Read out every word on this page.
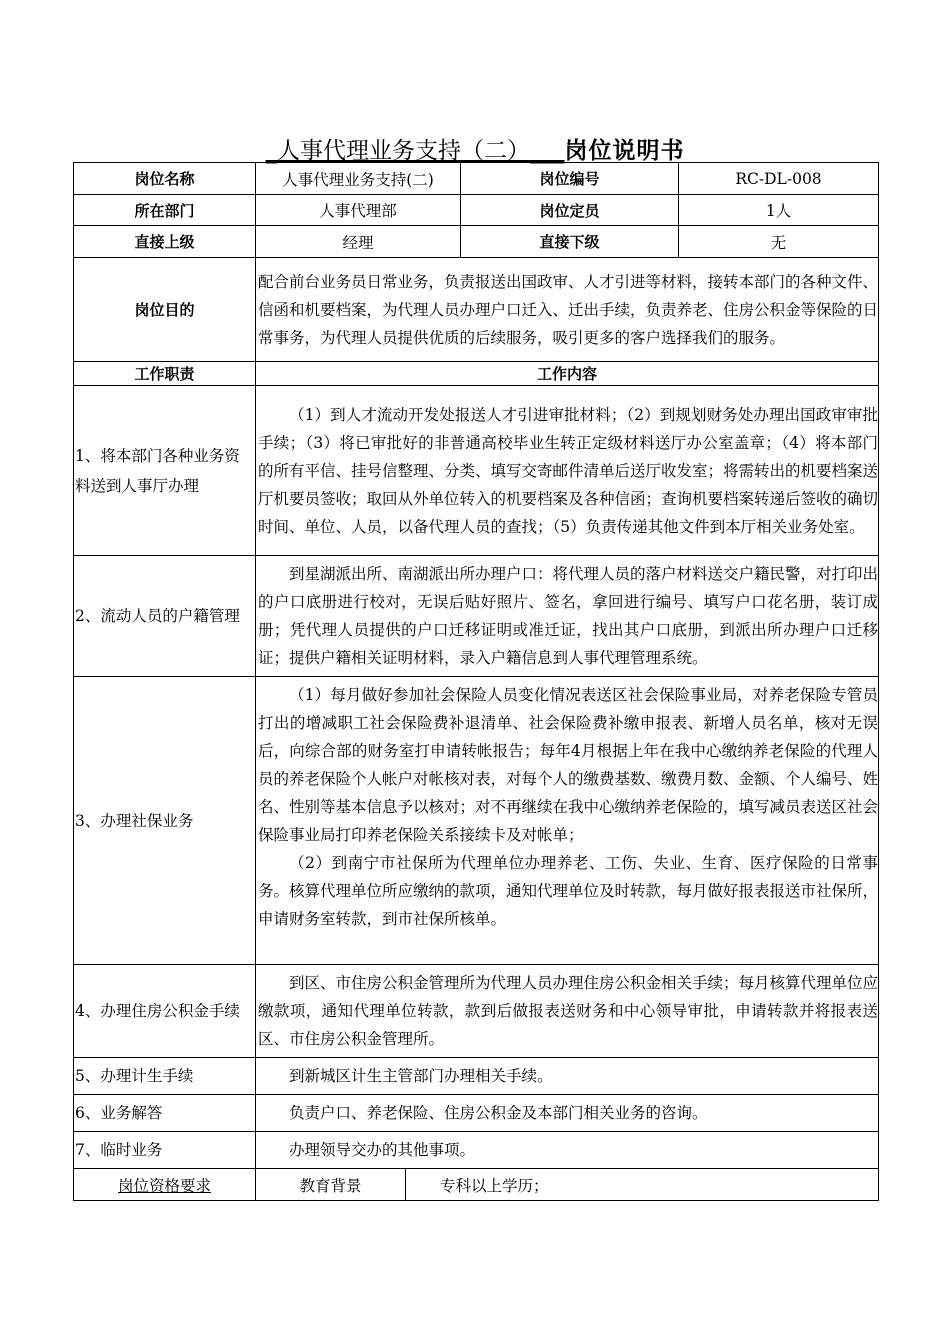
_人事代理业务支持（二）___岗位说明书
岗位名称	人事代理业务支持(二)		岗位编号	RC-DL-008
所在部门	人事代理部		岗位定员	1人
直接上级	经理		直接下级	无
岗位目的	配合前台业务员日常业务，负责报送出国政审、人才引进等材料，接转本部门的各种文件、信函和机要档案，为代理人员办理户口迁入、迁出手续，负责养老、住房公积金等保险的日常事务，为代理人员提供优质的后续服务，吸引更多的客户选择我们的服务。			
工作职责	工作内容			
1、将本部门各种业务资料送到人事厅办理	（1）到人才流动开发处报送人才引进审批材料；（2）到规划财务处办理出国政审审批手续；（3）将已审批好的非普通高校毕业生转正定级材料送厅办公室盖章；（4）将本部门的所有平信、挂号信整理、分类、填写交寄邮件清单后送厅收发室；将需转出的机要档案送厅机要员签收；取回从外单位转入的机要档案及各种信函；查询机要档案转递后签收的确切时间、单位、人员，以备代理人员的查找；（5）负责传递其他文件到本厅相关业务处室。			

2、流动人员的户籍管理	到星湖派出所、南湖派出所办理户口：将代理人员的落户材料送交户籍民警，对打印出的户口底册进行校对，无误后贴好照片、签名，拿回进行编号、填写户口花名册，装订成册；凭代理人员提供的户口迁移证明或准迁证，找出其户口底册，到派出所办理户口迁移证；提供户籍相关证明材料，录入户籍信息到人事代理管理系统。			

3、办理社保业务	（1）每月做好参加社会保险人员变化情况表送区社会保险事业局，对养老保险专管员打出的增减职工社会保险费补退清单、社会保险费补缴申报表、新增人员名单，核对无误后，向综合部的财务室打申请转帐报告；每年4月根据上年在我中心缴纳养老保险的代理人员的养老保险个人帐户对帐核对表，对每个人的缴费基数、缴费月数、金额、个人编号、姓名、性别等基本信息予以核对；对不再继续在我中心缴纳养老保险的，填写减员表送区社会保险事业局打印养老保险关系接续卡及对帐单；

（2）到南宁市社保所为代理单位办理养老、工伤、失业、生育、医疗保险的日常事务。核算代理单位所应缴纳的款项，通知代理单位及时转款，每月做好报表报送市社保所，申请财务室转款，到市社保所核单。			

4、办理住房公积金手续	到区、市住房公积金管理所为代理人员办理住房公积金相关手续；每月核算代理单位应缴款项，通知代理单位转款，款到后做报表送财务和中心领导审批，申请转款并将报表送区、市住房公积金管理所。			

5、办理计生手续	到新城区计生主管部门办理相关手续。			

6、业务解答	负责户口、养老保险、住房公积金及本部门相关业务的咨询。			

7、临时业务	办理领导交办的其他事项。			

岗位资格要求	教育背景	专科以上学历；		
